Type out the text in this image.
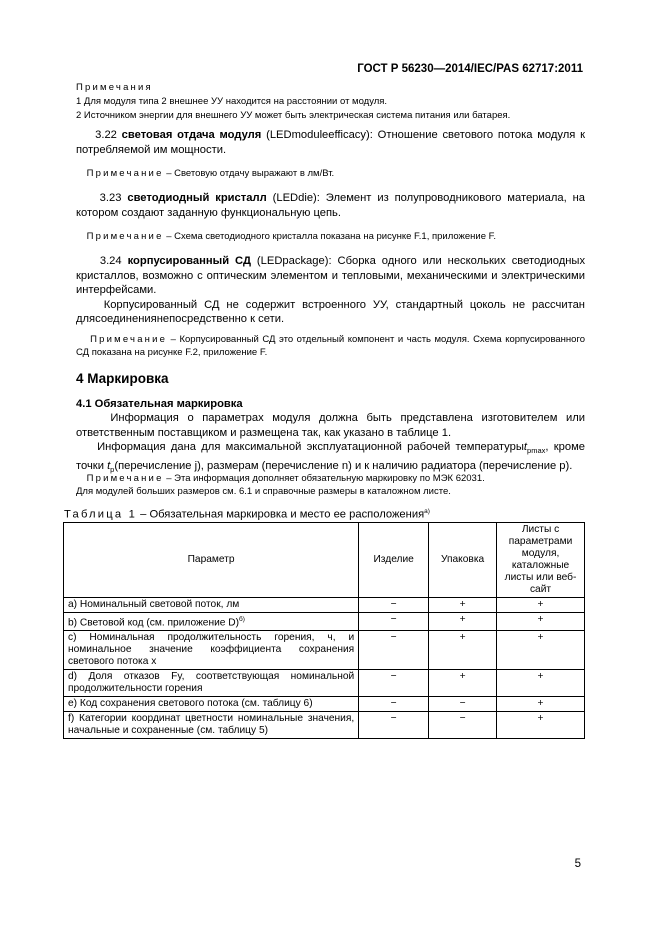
ГОСТ Р 56230—2014/IEC/PAS 62717:2011
Примечания
1 Для модуля типа 2 внешнее УУ находится на расстоянии от модуля.
2 Источником энергии для внешнего УУ может быть электрическая система питания или батарея.
3.22 световая отдача модуля (LEDmoduleefficacy): Отношение светового потока модуля к потребляемой им мощности.
Примечание – Световую отдачу выражают в лм/Вт.
3.23 светодиодный кристалл (LEDdie): Элемент из полупроводникового материала, на котором создают заданную функциональную цепь.
Примечание – Схема светодиодного кристалла показана на рисунке F.1, приложение F.
3.24 корпусированный СД (LEDpackage): Сборка одного или нескольких светодиодных кристаллов, возможно с оптическим элементом и тепловыми, механическими и электрическими интерфейсами.
Корпусированный СД не содержит встроенного УУ, стандартный цоколь не рассчитан длясоединениянепосредственно к сети.
Примечание – Корпусированный СД это отдельный компонент и часть модуля. Схема корпусированного СД показана на рисунке F.2, приложение F.
4 Маркировка
4.1 Обязательная маркировка

Информация о параметрах модуля должна быть представлена изготовителем или ответственным поставщиком и размещена так, как указано в таблице 1.

Информация дана для максимальной эксплуатационной рабочей температурыt$_{pmax}$, кроме точки $t_p(перечисление$ j), размерам (перечисление n) и к наличию радиатора (перечисление p).

Примечание – Эта информация дополняет обязательную маркировку по МЭК 62031.
Для модулей больших размеров см. 6.1 и справочные размеры в каталожном листе.
Таблица 1 – Обязательная маркировка и место ее расположения$^{а)}$
Параметр	Изделие	Упаковка	Листы с параметрами модуля, каталожные листы или веб-сайт
a) Номинальный световой поток, лм	−	+	+
b) Световой код (см. приложение D)$^{б)}$	−	+	+
c) Номинальная продолжительность горения, ч, и номинальное значение коэффициента сохранения светового потока x	−	+	+
d) Доля отказов Fy, соответствующая номинальной продолжительности горения	−	+	+
e) Код сохранения светового потока (см. таблицу 6)	−	−	+
f) Категории координат цветности номинальные значения, начальные и сохраненные (см. таблицу 5)	−	−	+
5
